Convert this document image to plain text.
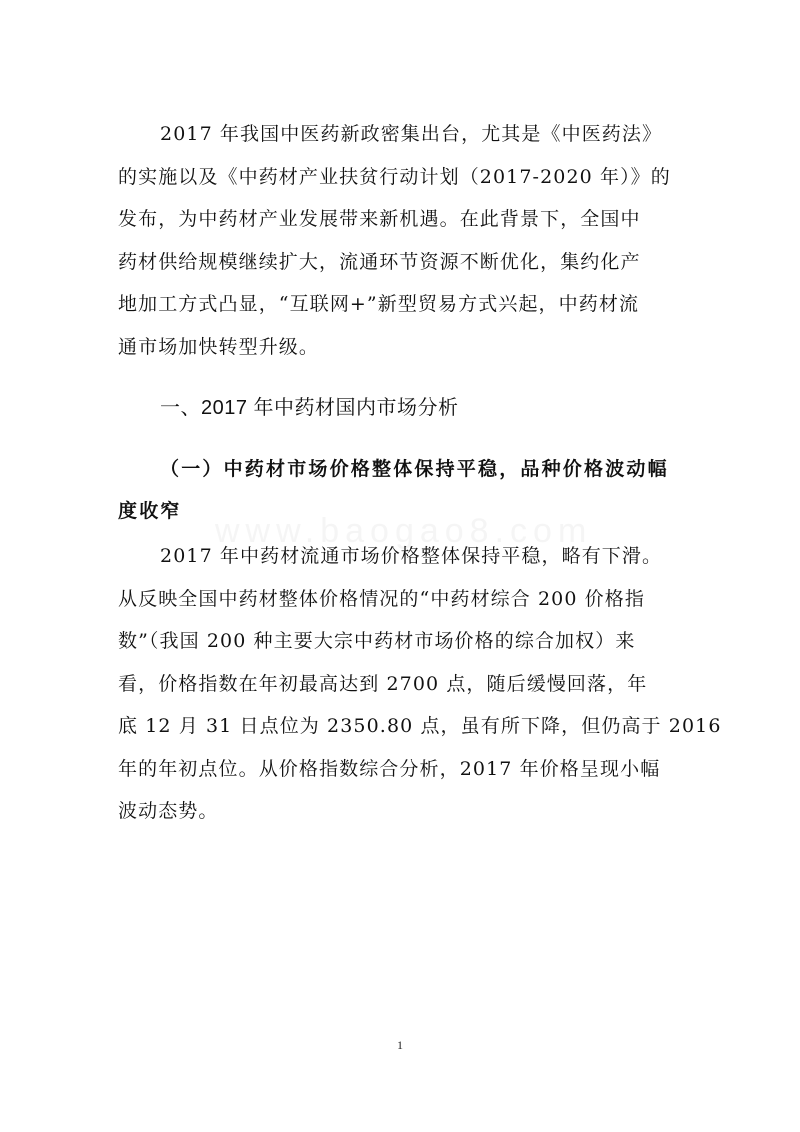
2017 年我国中医药新政密集出台，尤其是《中医药法》
的实施以及《中药材产业扶贫行动计划（2017-2020 年）》的
发布，为中药材产业发展带来新机遇。在此背景下，全国中
药材供给规模继续扩大，流通环节资源不断优化，集约化产
地加工方式凸显，“互联网+”新型贸易方式兴起，中药材流
通市场加快转型升级。
一、2017 年中药材国内市场分析
（一）中药材市场价格整体保持平稳，品种价格波动幅
度收窄
www.baogao8.com
2017 年中药材流通市场价格整体保持平稳，略有下滑。
从反映全国中药材整体价格情况的“中药材综合 200 价格指
数”（我国 200 种主要大宗中药材市场价格的综合加权）来
看，价格指数在年初最高达到 2700 点，随后缓慢回落，年
底 12 月 31 日点位为 2350.80 点，虽有所下降，但仍高于 2016
年的年初点位。从价格指数综合分析，2017 年价格呈现小幅
波动态势。
1
